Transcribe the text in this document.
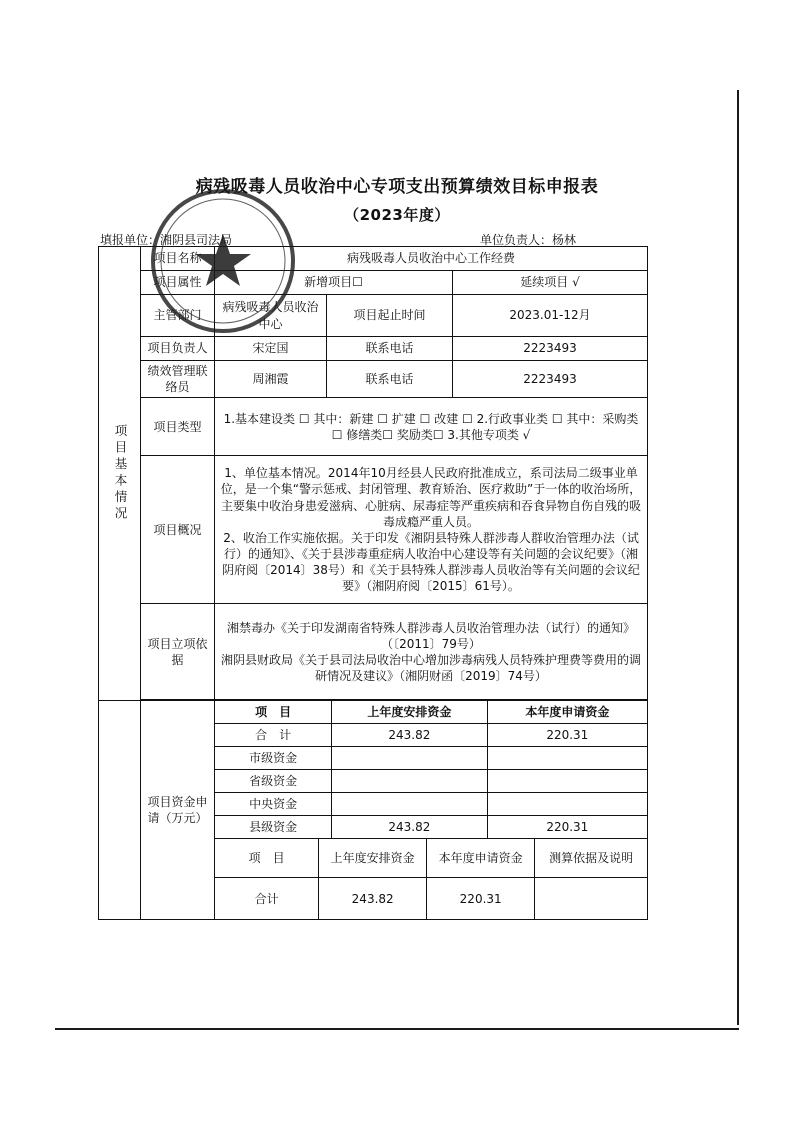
病残吸毒人员收治中心专项支出预算绩效目标申报表
（2023年度）
填报单位：湘阴县司法局	单位负责人：杨林
项目基本情况	项目名称	病残吸毒人员收治中心工作经费
项目属性	新增项目☐	延续项目 √
主管部门	病残吸毒人员收治中心	项目起止时间	2023.01-12月
项目负责人	宋定国	联系电话	2223493
绩效管理联络员	周湘霞	联系电话	2223493
项目类型	1.基本建设类 ☐ 其中：新建 ☐ 扩建 ☐ 改建 ☐ 2.行政事业类 ☐ 其中：采购类☐ 修缮类☐ 奖励类☐ 3.其他专项类 √
项目概况	1、单位基本情况。2014年10月经县人民政府批准成立，系司法局二级事业单位，是一个集“警示惩戒、封闭管理、教育矫治、医疗救助”于一体的收治场所，主要集中收治身患爱滋病、心脏病、尿毒症等严重疾病和吞食异物自伤自残的吸毒成瘾严重人员。
2、收治工作实施依据。关于印发《湘阴县特殊人群涉毒人群收治管理办法（试行）的通知》、《关于县涉毒重症病人收治中心建设等有关问题的会议纪要》（湘阴府阅〔2014〕38号）和《关于县特殊人群涉毒人员收治等有关问题的会议纪要》（湘阴府阅〔2015〕61号）。
项目立项依据	湘禁毒办《关于印发湖南省特殊人群涉毒人员收治管理办法（试行）的通知》（〔2011〕79号）
湘阴县财政局《关于县司法局收治中心增加涉毒病残人员特殊护理费等费用的调研情况及建议》（湘阴财函〔2019〕74号）

	项目资金申请（万元）	
项　目	上年度安排资金	本年度申请资金
合　计	243.82	220.31
市级资金		
省级资金		
中央资金		
县级资金	243.82	220.31

项　目	上年度安排资金	本年度申请资金	测算依据及说明
合计	243.82	220.31	
